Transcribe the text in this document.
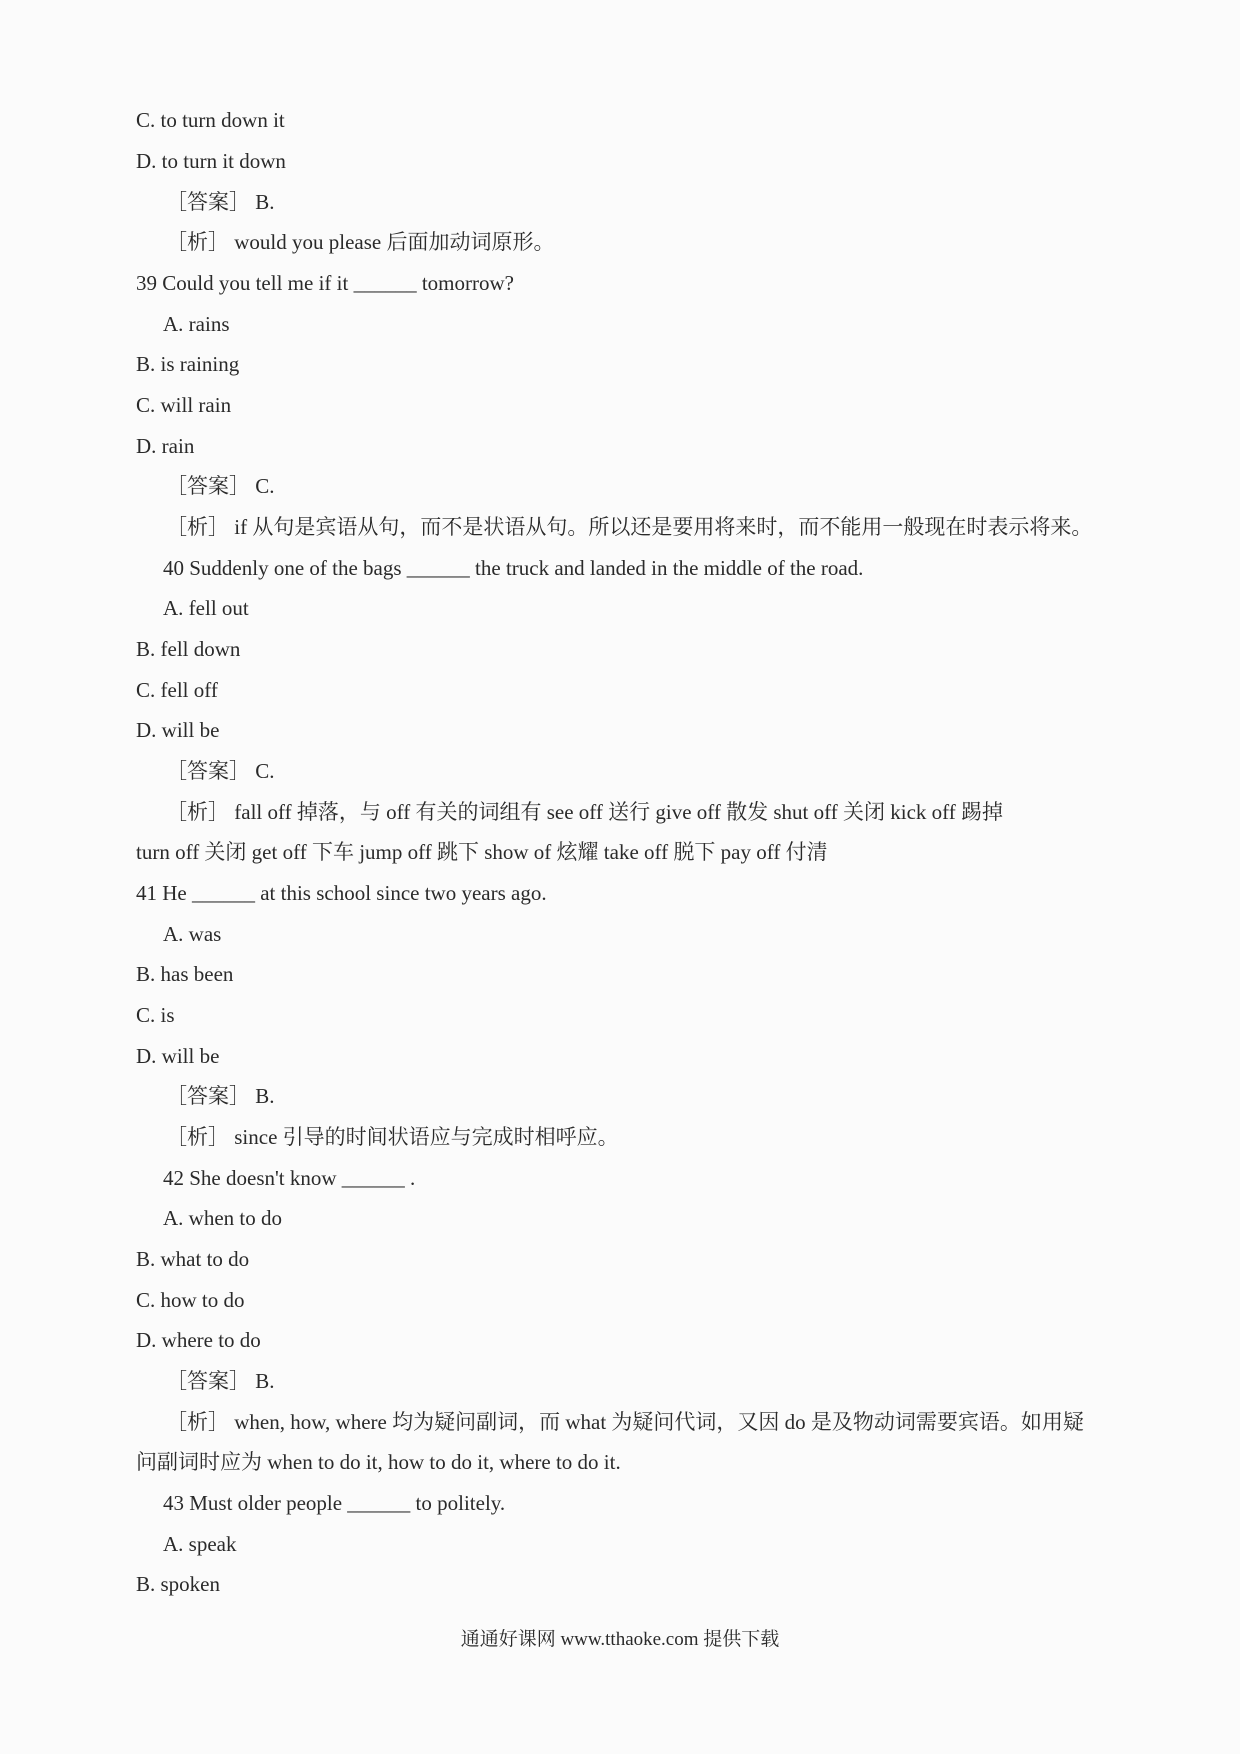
C. to turn down it
D. to turn it down
［答案］ B.
［析］ would you please 后面加动词原形。
39 Could you tell me if it ______ tomorrow?
A. rains
B. is raining
C. will rain
D. rain
［答案］ C.
［析］ if 从句是宾语从句，而不是状语从句。所以还是要用将来时，而不能用一般现在时表示将来。
40 Suddenly one of the bags ______ the truck and landed in the middle of the road.
A. fell out
B. fell down
C. fell off
D. will be
［答案］ C.
［析］ fall off 掉落，与 off 有关的词组有 see off 送行 give off 散发 shut off 关闭 kick off 踢掉
turn off 关闭 get off 下车 jump off 跳下 show of 炫耀 take off 脱下 pay off 付清
41 He ______ at this school since two years ago.
A. was
B. has been
C. is
D. will be
［答案］ B.
［析］ since 引导的时间状语应与完成时相呼应。
42 She doesn't know ______ .
A. when to do
B. what to do
C. how to do
D. where to do
［答案］ B.
［析］ when, how, where 均为疑问副词，而 what 为疑问代词，又因 do 是及物动词需要宾语。如用疑
问副词时应为 when to do it, how to do it, where to do it.
43 Must older people ______ to politely.
A. speak
B. spoken
通通好课网 www.tthaoke.com 提供下载
